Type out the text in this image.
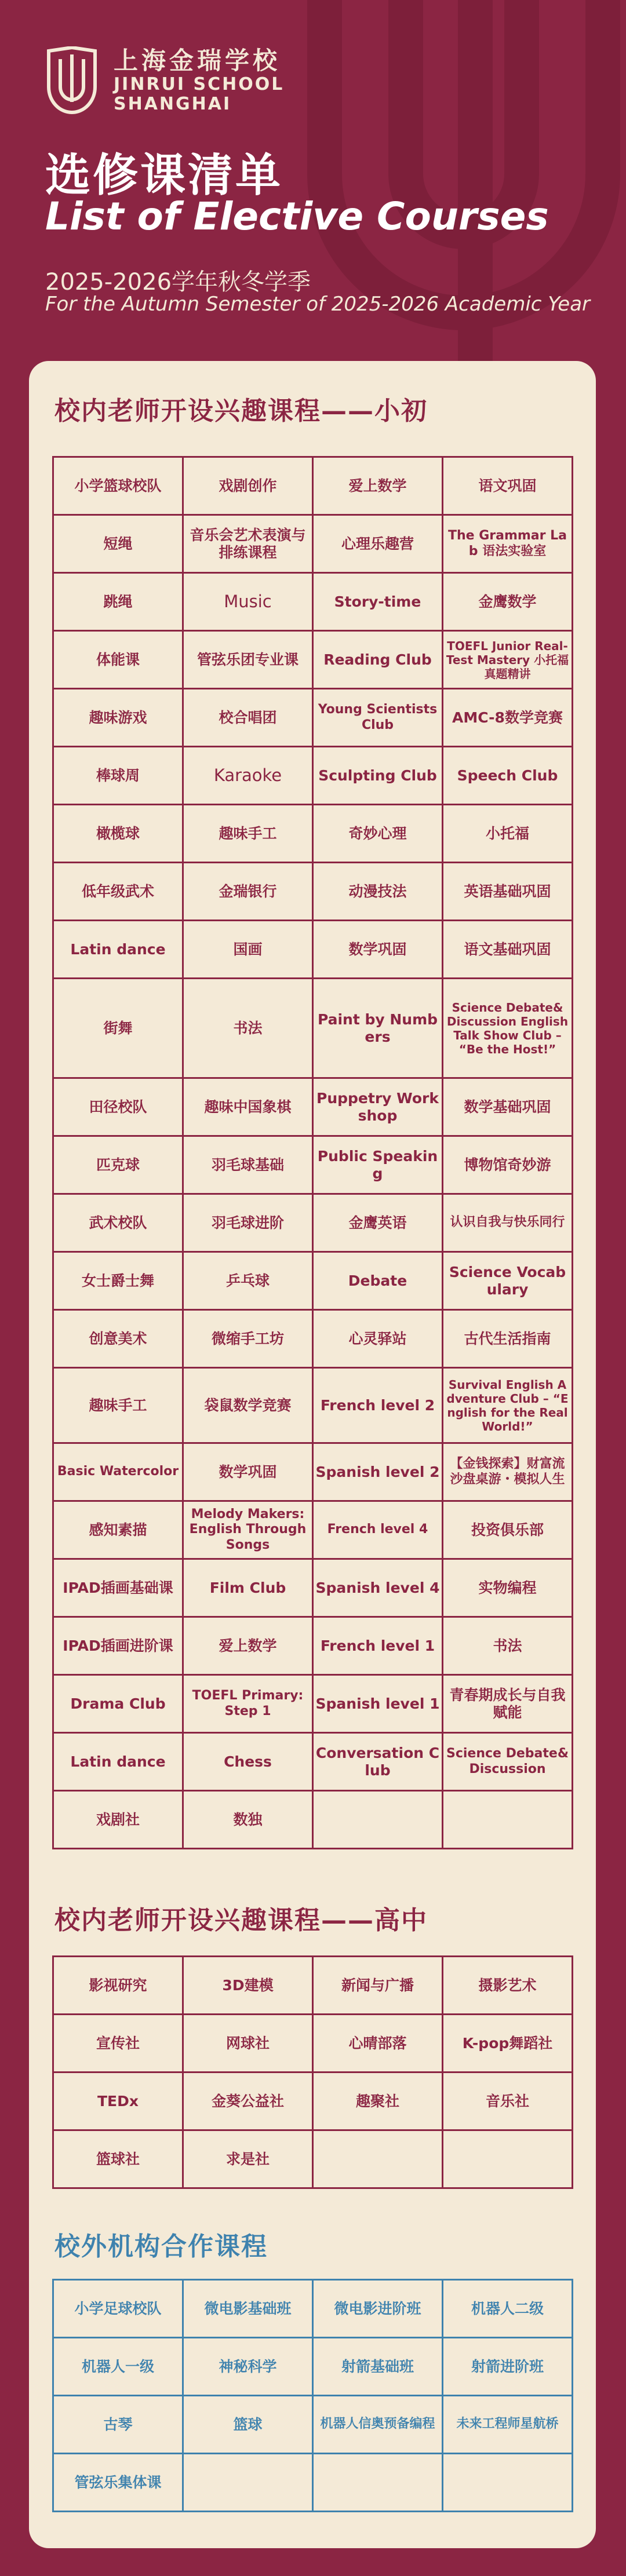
上海金瑞学校
JINRUI SCHOOL
SHANGHAI
选修课清单
List of Elective Courses
2025-2026学年秋冬学季
For the Autumn Semester of 2025-2026 Academic Year
校内老师开设兴趣课程——小初
小学篮球校队	戏剧创作	爱上数学	语文巩固
短绳	音乐会艺术表演与排练课程	心理乐趣营	The Grammar Lab 语法实验室
跳绳	Music	Story-time	金鹰数学
体能课	管弦乐团专业课	Reading Club	TOEFL Junior Real-Test Mastery 小托福真题精讲
趣味游戏	校合唱团	Young Scientists Club	AMC-8数学竞赛
棒球周	Karaoke	Sculpting Club	Speech Club
橄榄球	趣味手工	奇妙心理	小托福
低年级武术	金瑞银行	动漫技法	英语基础巩固
Latin dance	国画	数学巩固	语文基础巩固
街舞	书法	Paint by Numbers	Science Debate& Discussion English Talk Show Club – “Be the Host!”
田径校队	趣味中国象棋	Puppetry Workshop	数学基础巩固
匹克球	羽毛球基础	Public Speaking	博物馆奇妙游
武术校队	羽毛球进阶	金鹰英语	认识自我与快乐同行
女士爵士舞	乒乓球	Debate	Science Vocabulary
创意美术	微缩手工坊	心灵驿站	古代生活指南
趣味手工	袋鼠数学竞赛	French level 2	Survival English Adventure Club – “English for the Real World!”
Basic Watercolor	数学巩固	Spanish level 2	【金钱探索】财富流沙盘桌游・模拟人生
感知素描	Melody Makers: English Through Songs	French level 4	投资俱乐部
IPAD插画基础课	Film Club	Spanish level 4	实物编程
IPAD插画进阶课	爱上数学	French level 1	书法
Drama Club	TOEFL Primary: Step 1	Spanish level 1	青春期成长与自我赋能
Latin dance	Chess	Conversation Club	Science Debate&Discussion
戏剧社	数独		
校内老师开设兴趣课程——高中
影视研究	3D建模	新闻与广播	摄影艺术
宣传社	网球社	心晴部落	K-pop舞蹈社
TEDx	金葵公益社	趣聚社	音乐社
篮球社	求是社		
校外机构合作课程
小学足球校队	微电影基础班	微电影进阶班	机器人二级
机器人一级	神秘科学	射箭基础班	射箭进阶班
古琴	篮球	机器人信奥预备编程	未来工程师星航桥
管弦乐集体课			
